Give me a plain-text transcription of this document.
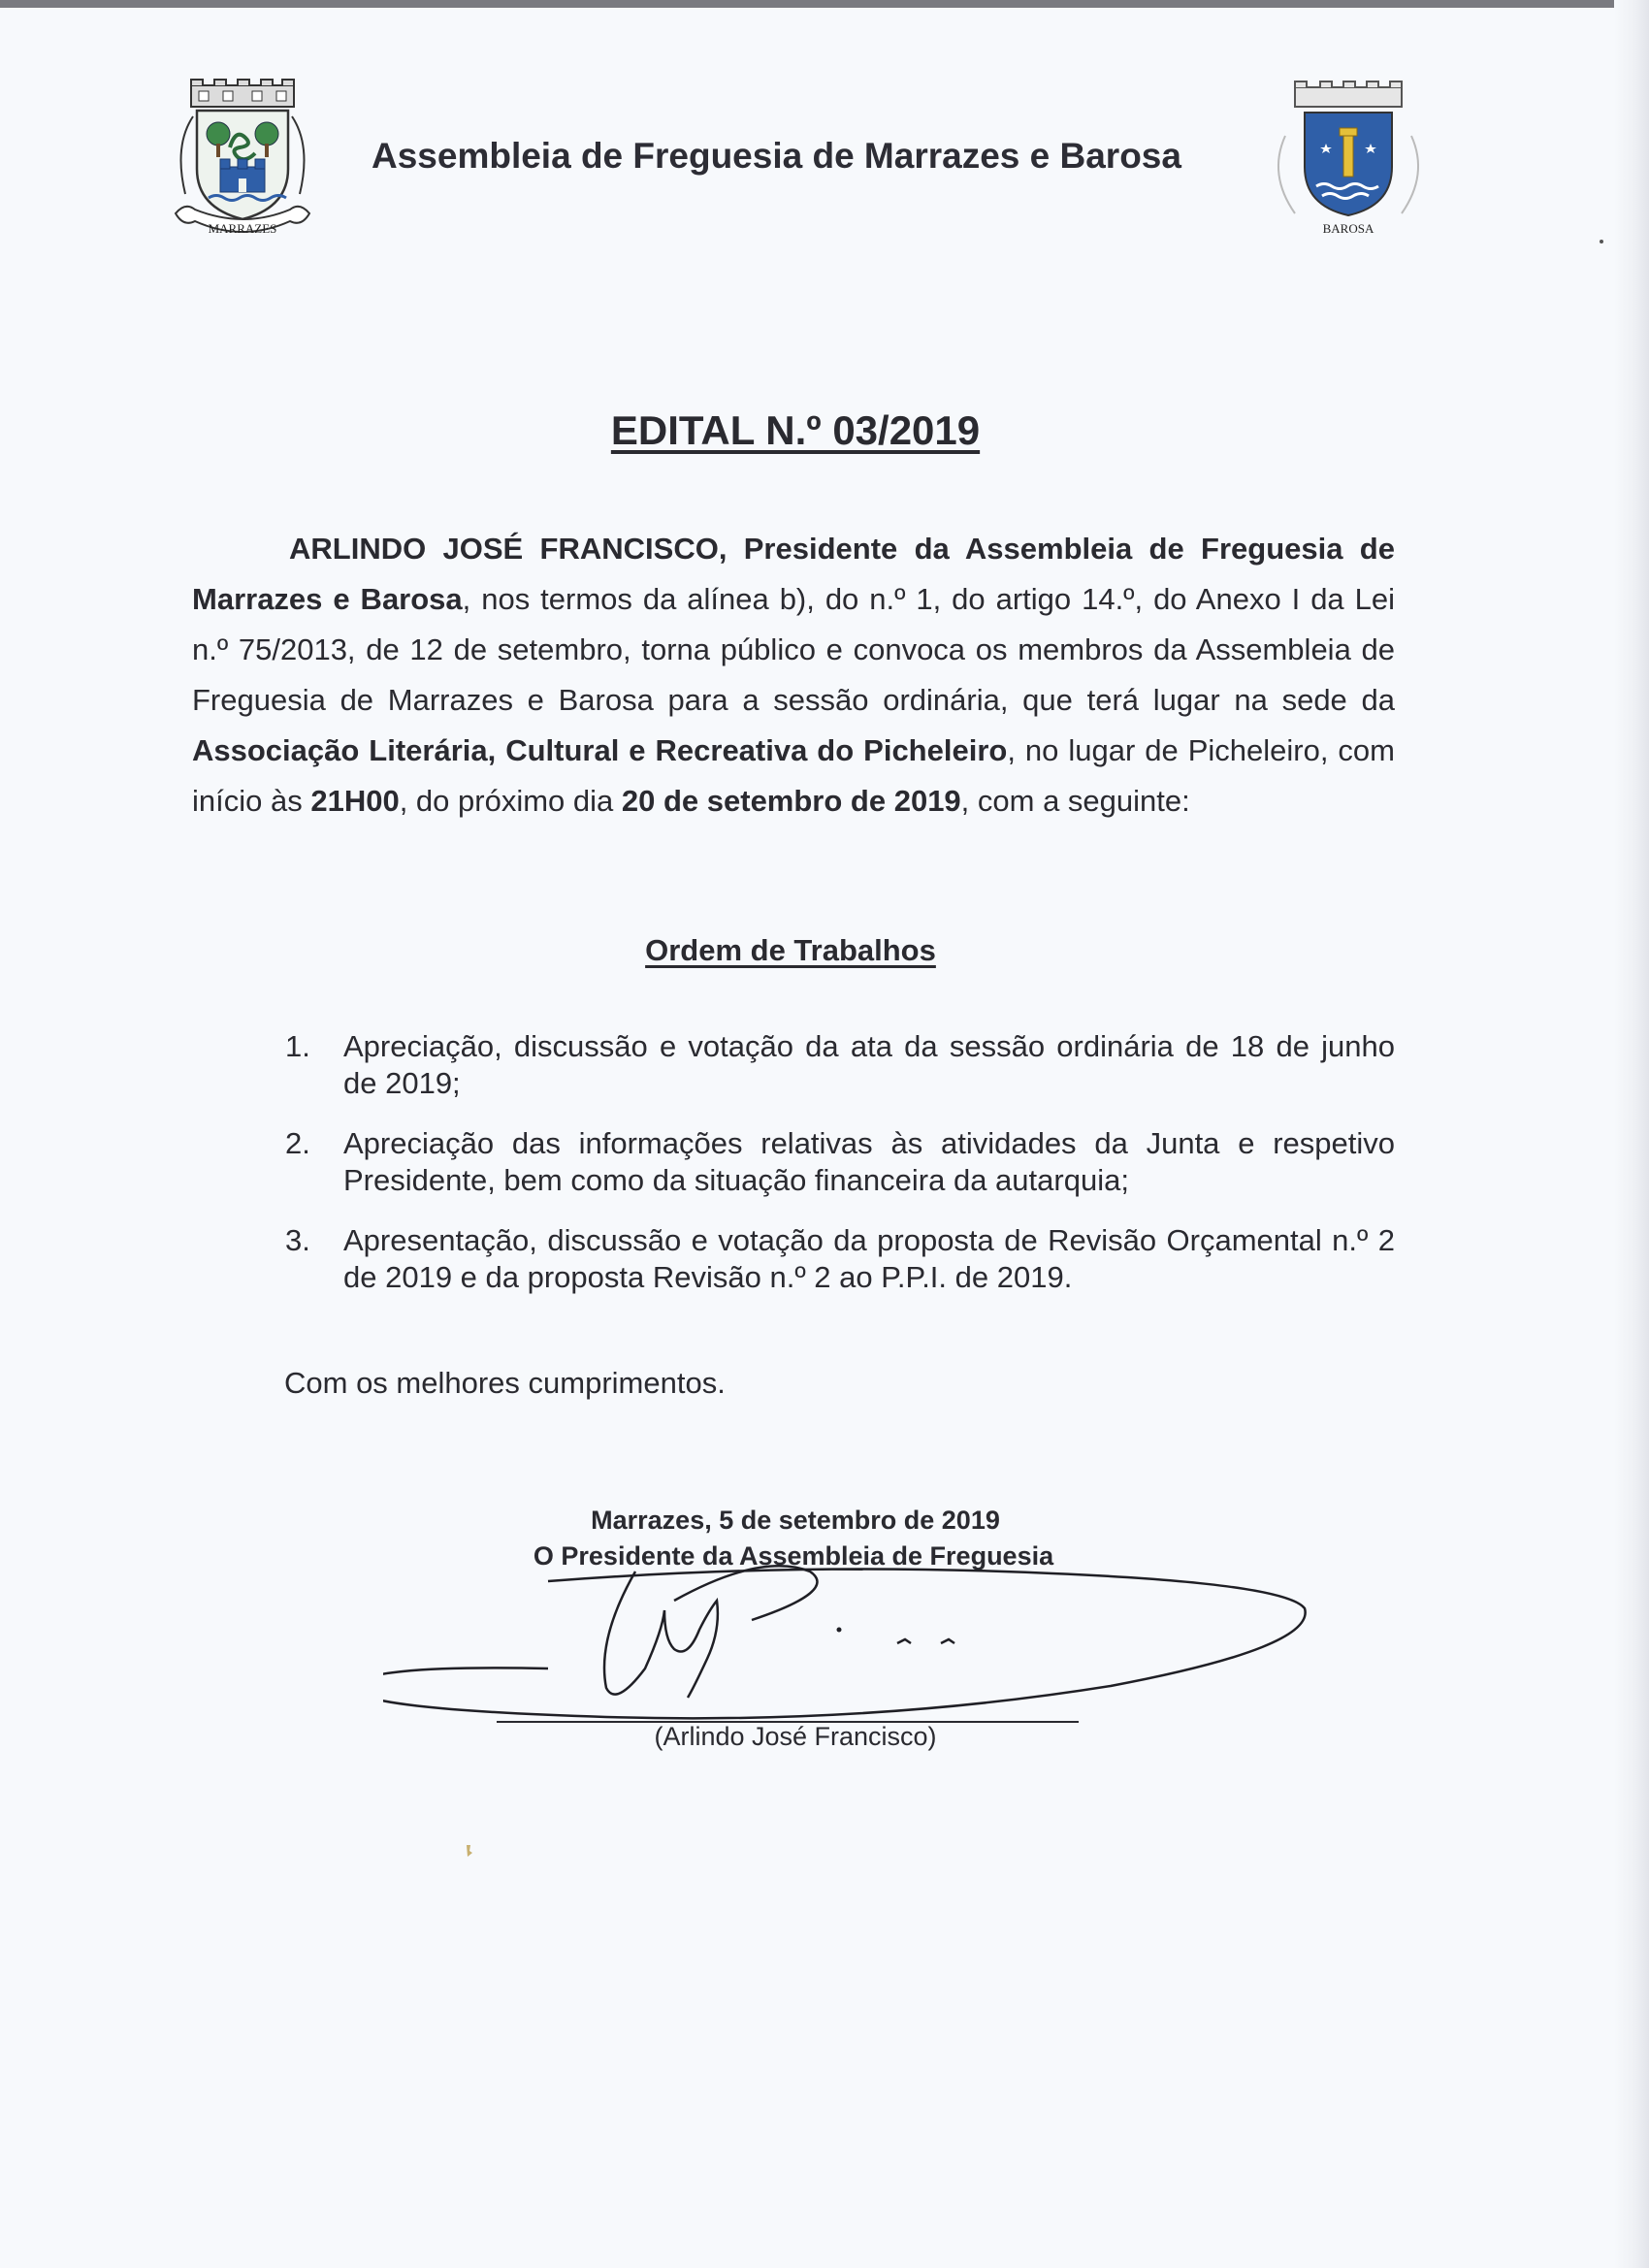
MARRAZES
Assembleia de Freguesia de Marrazes e Barosa
BAROSA
EDITAL N.º 03/2019

ARLINDO JOSÉ FRANCISCO, Presidente da Assembleia de Freguesia de Marrazes e Barosa, nos termos da alínea b), do n.º 1, do artigo 14.º, do Anexo I da Lei n.º 75/2013, de 12 de setembro, torna público e convoca os membros da Assembleia de Freguesia de Marrazes e Barosa para a sessão ordinária, que terá lugar na sede da Associação Literária, Cultural e Recreativa do Picheleiro, no lugar de Picheleiro, com início às 21H00, do próximo dia 20 de setembro de 2019, com a seguinte:

Ordem de Trabalhos
1. Apreciação, discussão e votação da ata da sessão ordinária de 18 de junho de 2019;
2. Apreciação das informações relativas às atividades da Junta e respetivo Presidente, bem como da situação financeira da autarquia;
3. Apresentação, discussão e votação da proposta de Revisão Orçamental n.º 2 de 2019 e da proposta Revisão n.º 2 ao P.P.I. de 2019.
Com os melhores cumprimentos.
Marrazes, 5 de setembro de 2019
O Presidente da Assembleia de Freguesia
(Arlindo José Francisco)
